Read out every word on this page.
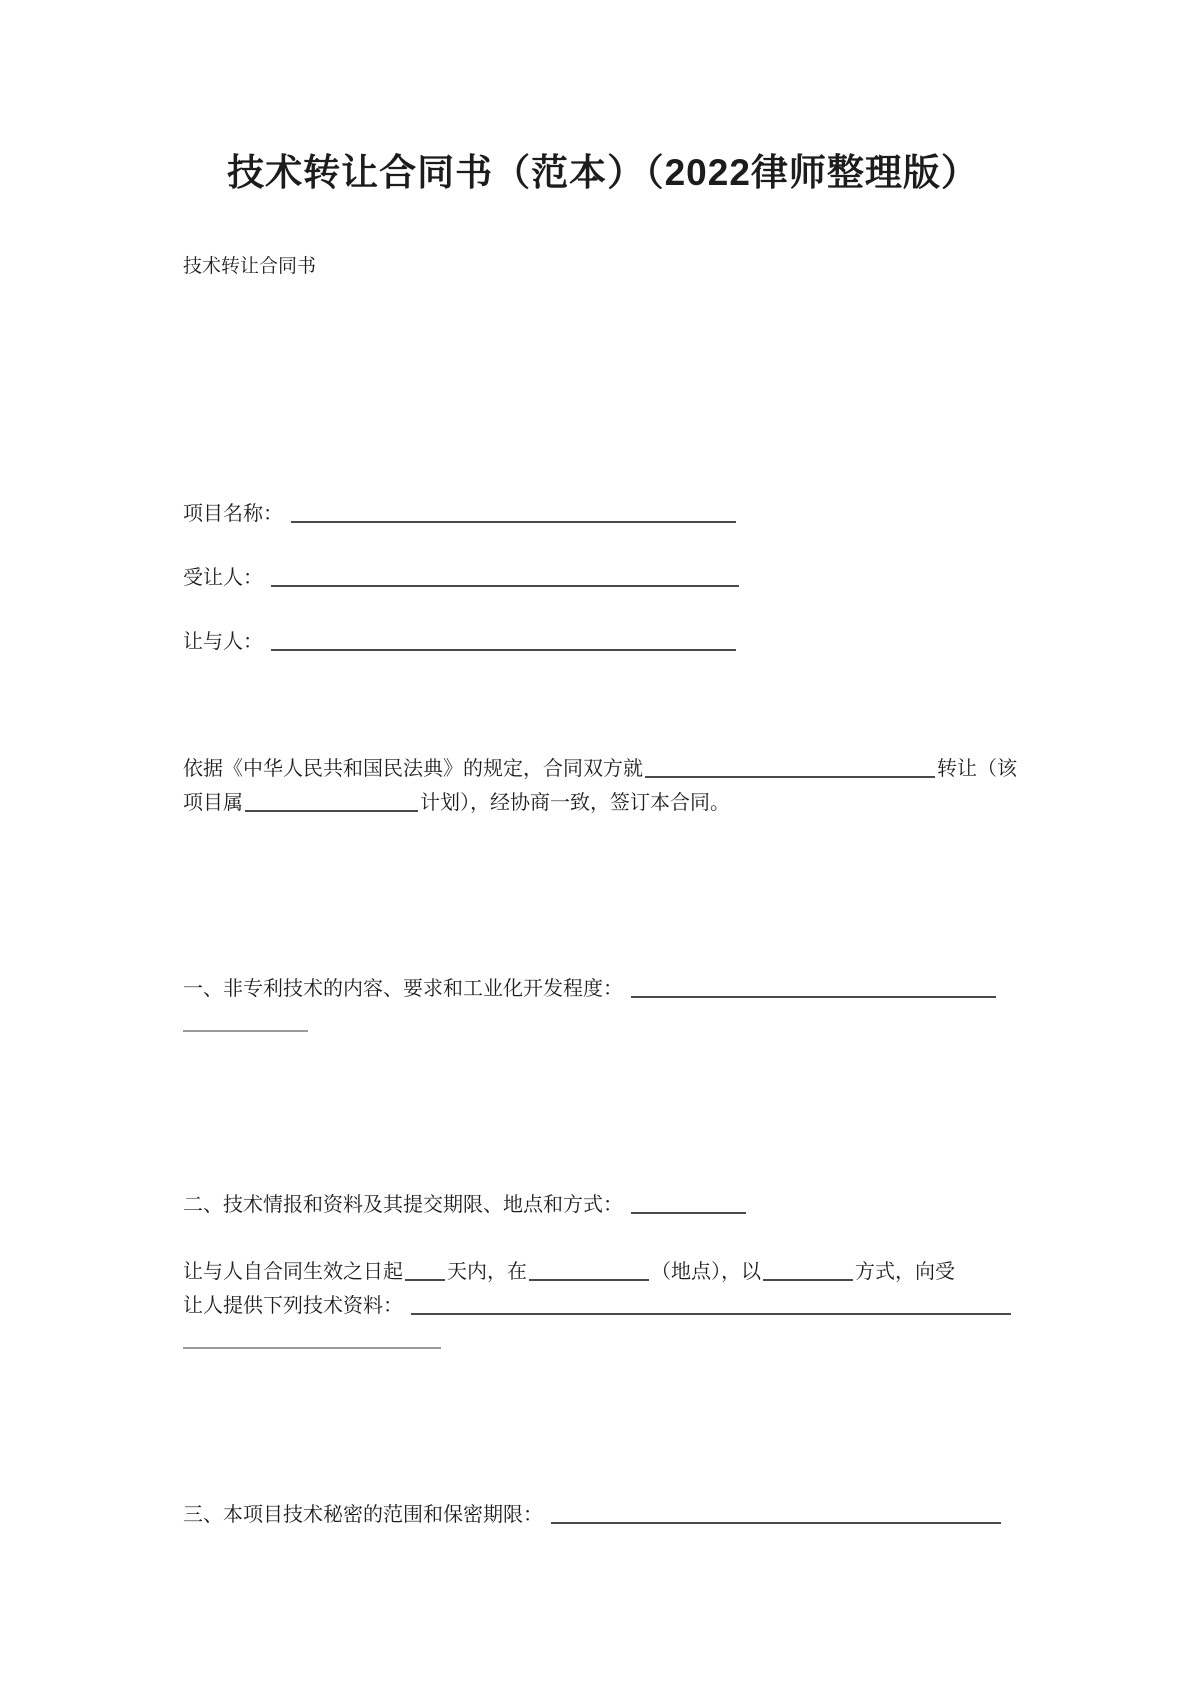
技术转让合同书（范本）（2022律师整理版）
技术转让合同书
项目名称：
受让人：
让与人：
依据《中华人民共和国民法典》的规定，合同双方就	转让（该
项目属	计划），经协商一致，签订本合同。
一、非专利技术的内容、要求和工业化开发程度：
二、技术情报和资料及其提交期限、地点和方式：
让与人自合同生效之日起 天内，在	（地点），以	方式，向受
让人提供下列技术资料：
三、本项目技术秘密的范围和保密期限：
